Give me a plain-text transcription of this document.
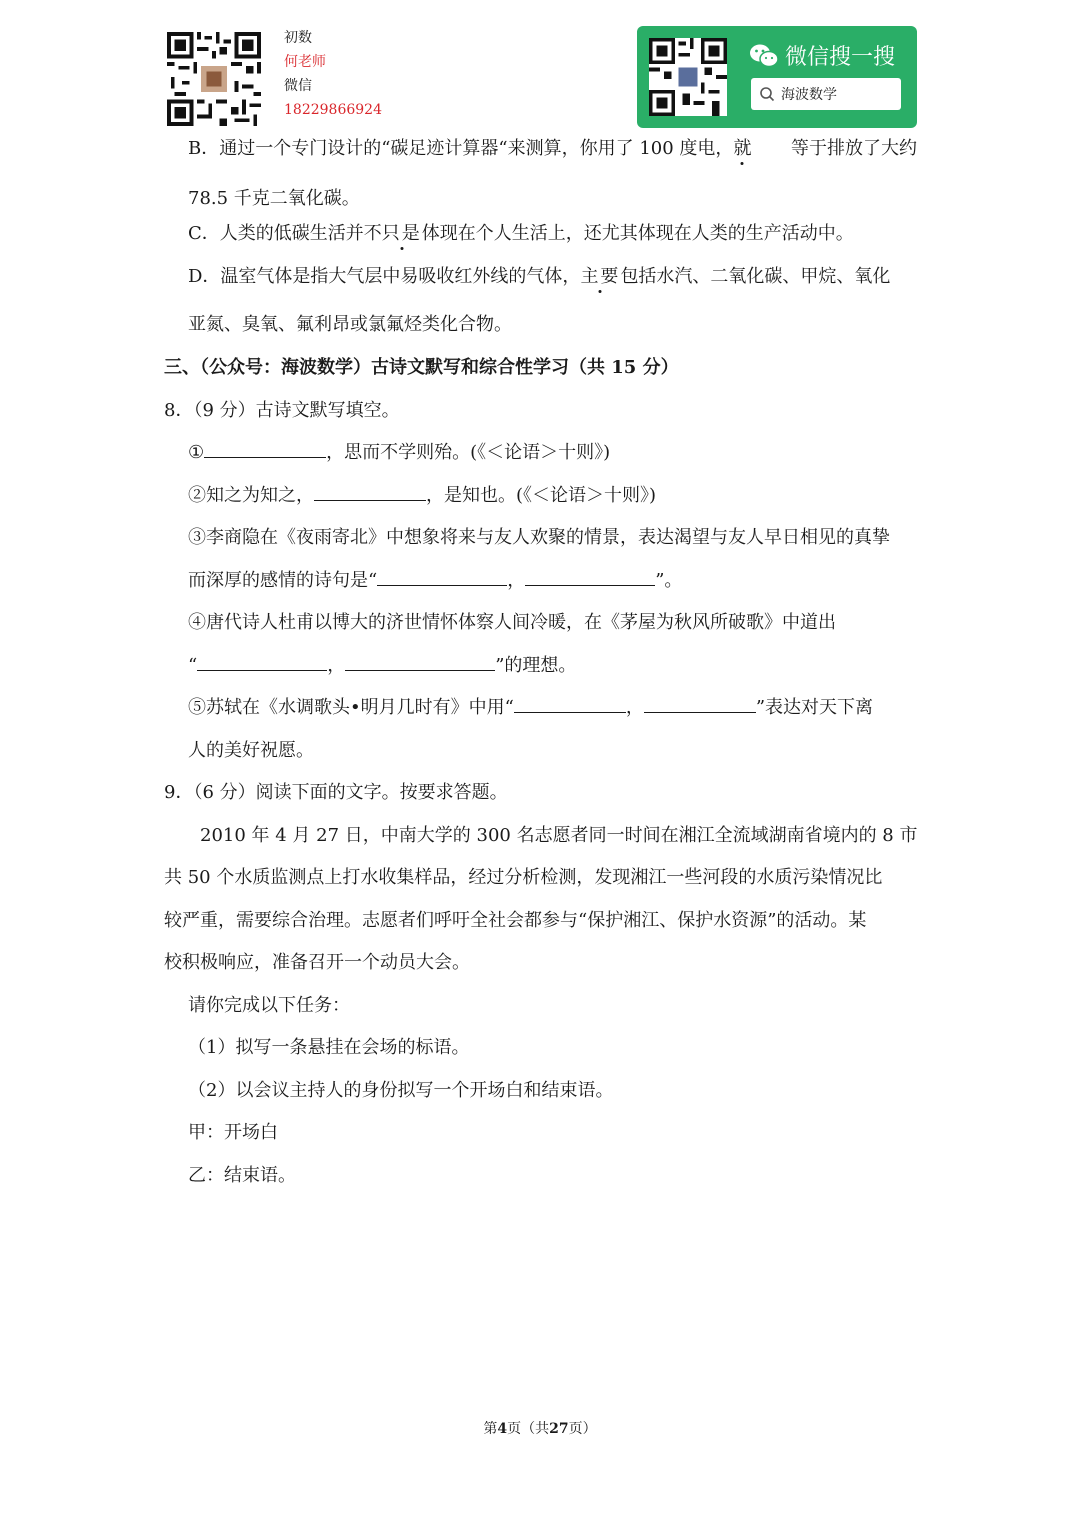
初数
何老师
微信
18229866924
微信搜一搜
海波数学
B．通过一个专门设计的“碳足迹计算器“来测算，你用了 100 度电，就 等于排放了大约
78.5 千克二氧化碳。
C．人类的低碳生活并不只是体现在个人生活上，还尤其体现在人类的生产活动中。
D．温室气体是指大气层中易吸收红外线的气体，主要包括水汽、二氧化碳、甲烷、氧化
亚氮、臭氧、氟利昂或氯氟烃类化合物。
三、（公众号：海波数学）古诗文默写和综合性学习（共 15 分）
8．（9 分）古诗文默写填空。
①	，思而不学则殆。(《＜论语＞十则》)
②知之为知之，	，是知也。(《＜论语＞十则》)
③李商隐在《夜雨寄北》中想象将来与友人欢聚的情景，表达渴望与友人早日相见的真挚
而深厚的感情的诗句是“	，	”。
④唐代诗人杜甫以博大的济世情怀体察人间冷暖，在《茅屋为秋风所破歌》中道出
“	，	”的理想。
⑤苏轼在《水调歌头•明月几时有》中用“	，	”表达对天下离
人的美好祝愿。
9．（6 分）阅读下面的文字。按要求答题。
2010 年 4 月 27 日，中南大学的 300 名志愿者同一时间在湘江全流域湖南省境内的 8 市
共 50 个水质监测点上打水收集样品，经过分析检测，发现湘江一些河段的水质污染情况比
较严重，需要综合治理。志愿者们呼吁全社会都参与“保护湘江、保护水资源”的活动。某
校积极响应，准备召开一个动员大会。
请你完成以下任务：
（1）拟写一条悬挂在会场的标语。
（2）以会议主持人的身份拟写一个开场白和结束语。
甲：开场白
乙：结束语。
第4页（共27页）
